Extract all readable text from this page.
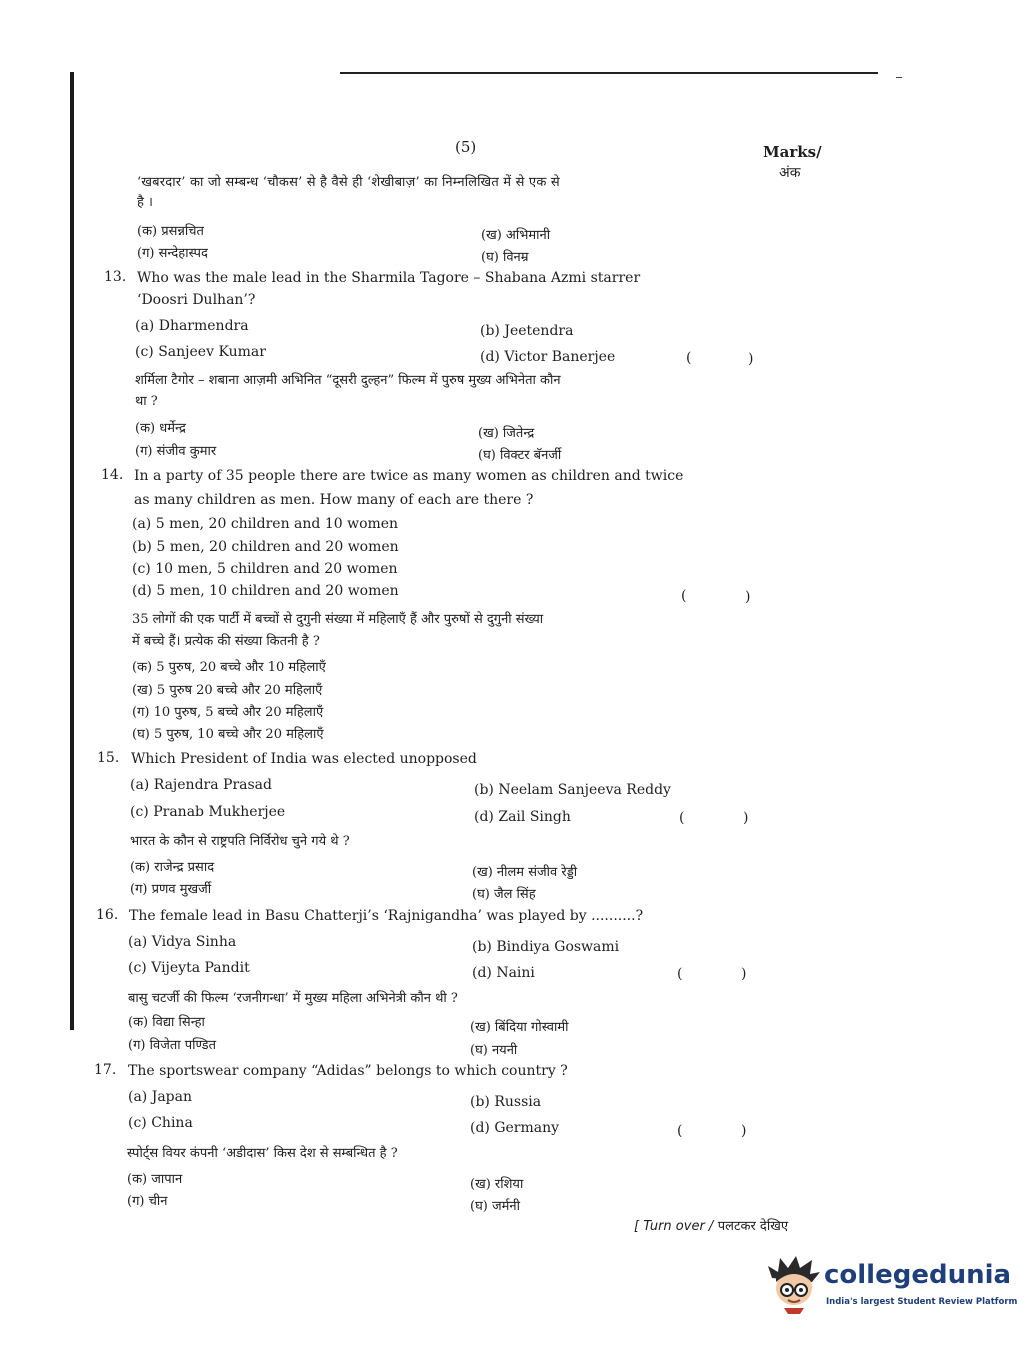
(5)	Marks/
अंक
‘खबरदार’ का जो सम्बन्ध ‘चौकस’ से है वैसे ही ‘शेखीबाज़’ का निम्नलिखित में से एक से
है ।
(क) प्रसन्नचित	(ख) अभिमानी
(ग) सन्देहास्पद	(घ) विनम्र
13. Who was the male lead in the Sharmila Tagore – Shabana Azmi starrer
‘Doosri Dulhan’?
(a) Dharmendra	(b) Jeetendra
(c) Sanjeev Kumar	(d) Victor Banerjee	(	)
शर्मिला टैगोर – शबाना आज़मी अभिनित “दूसरी दुल्हन” फिल्म में पुरुष मुख्य अभिनेता कौन
था ?
(क) धर्मेन्द्र	(ख) जितेन्द्र
(ग) संजीव कुमार	(घ) विक्टर बॅनर्जी
14. In a party of 35 people there are twice as many women as children and twice
as many children as men. How many of each are there ?
(a) 5 men, 20 children and 10 women
(b) 5 men, 20 children and 20 women
(c) 10 men, 5 children and 20 women
(d) 5 men, 10 children and 20 women	(	)
35 लोगों की एक पार्टी में बच्चों से दुगुनी संख्या में महिलाएँ हैं और पुरुषों से दुगुनी संख्या
में बच्चे हैं। प्रत्येक की संख्या कितनी है ?
(क) 5 पुरुष, 20 बच्चे और 10 महिलाएँ
(ख) 5 पुरुष 20 बच्चे और 20 महिलाएँ
(ग) 10 पुरुष, 5 बच्चे और 20 महिलाएँ
(घ) 5 पुरुष, 10 बच्चे और 20 महिलाएँ
15. Which President of India was elected unopposed
(a) Rajendra Prasad	(b) Neelam Sanjeeva Reddy
(c) Pranab Mukherjee	(d) Zail Singh	(	)
भारत के कौन से राष्ट्रपति निर्विरोध चुने गये थे ?
(क) राजेन्द्र प्रसाद	(ख) नीलम संजीव रेड्डी
(ग) प्रणव मुखर्जी	(घ) जैल सिंह
16. The female lead in Basu Chatterji’s ‘Rajnigandha’ was played by ..........?
(a) Vidya Sinha	(b) Bindiya Goswami
(c) Vijeyta Pandit	(d) Naini	(	)
बासु चटर्जी की फिल्म ‘रजनीगन्धा’ में मुख्य महिला अभिनेत्री कौन थी ?
(क) विद्या सिन्हा	(ख) बिंदिया गोस्वामी
(ग) विजेता पण्डित	(घ) नयनी
17. The sportswear company “Adidas” belongs to which country ?
(a) Japan	(b) Russia
(c) China	(d) Germany	(	)
स्पोर्ट्स वियर कंपनी ‘अडीदास’ किस देश से सम्बन्धित है ?
(क) जापान	(ख) रशिया
(ग) चीन	(घ) जर्मनी
[ Turn over / पलटकर देखिए
collegedunia
India's largest Student Review Platform
